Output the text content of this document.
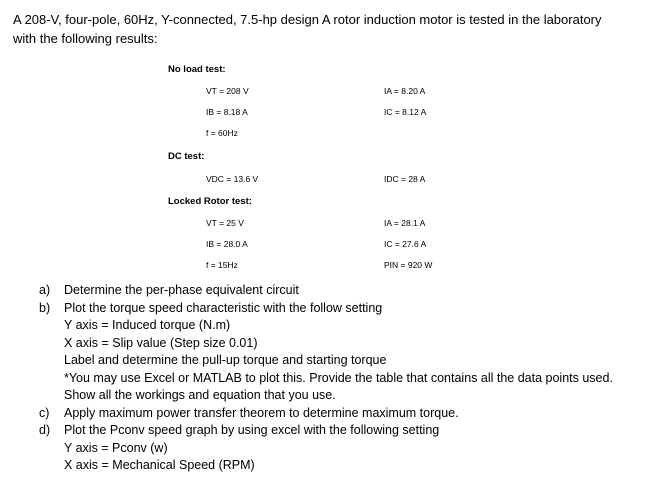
A 208-V, four-pole, 60Hz, Y-connected, 7.5-hp design A rotor induction motor is tested in the laboratory
with the following results:
No load test:
VT = 208 V	IA = 8.20 A
IB = 8.18 A	IC = 8.12 A
f = 60Hz
DC test:
VDC = 13.6 V	IDC = 28 A
Locked Rotor test:
VT = 25 V	IA = 28.1 A
IB = 28.0 A	IC = 27.6 A
f = 15Hz	PIN = 920 W
a)	Determine the per-phase equivalent circuit
b)	Plot the torque speed characteristic with the follow setting
Y axis = Induced torque (N.m)
X axis = Slip value (Step size 0.01)
Label and determine the pull-up torque and starting torque
*You may use Excel or MATLAB to plot this. Provide the table that contains all the data points used.
Show all the workings and equation that you use.
c)	Apply maximum power transfer theorem to determine maximum torque.
d)	Plot the Pconv speed graph by using excel with the following setting
Y axis = Pconv (w)
X axis = Mechanical Speed (RPM)
